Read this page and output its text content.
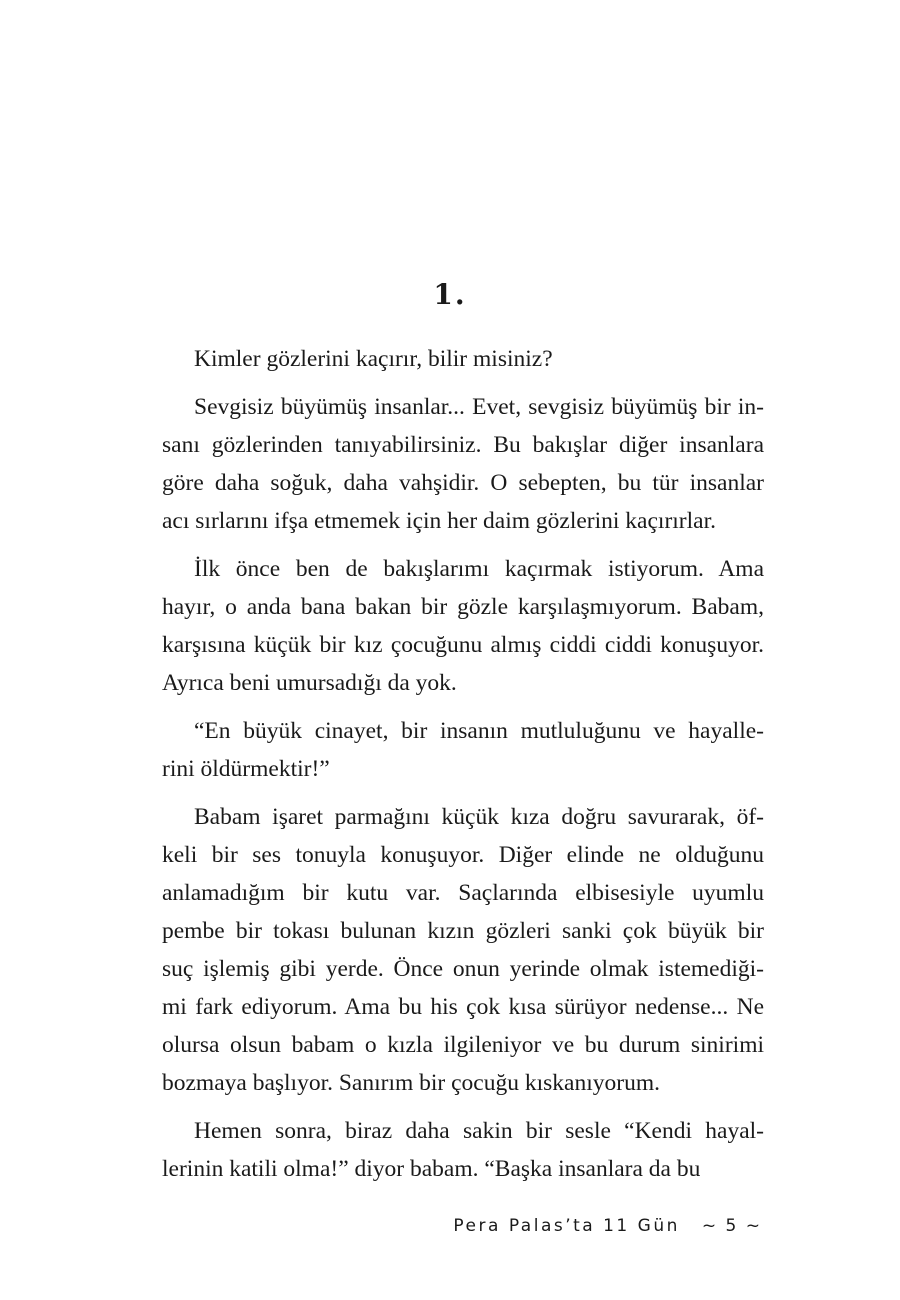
1.
Kimler gözlerini kaçırır, bilir misiniz?
Sevgisiz büyümüş insanlar... Evet, sevgisiz büyümüş bir in-
sanı gözlerinden tanıyabilirsiniz. Bu bakışlar diğer insanlara
göre daha soğuk, daha vahşidir. O sebepten, bu tür insanlar
acı sırlarını ifşa etmemek için her daim gözlerini kaçırırlar.
İlk önce ben de bakışlarımı kaçırmak istiyorum. Ama
hayır, o anda bana bakan bir gözle karşılaşmıyorum. Babam,
karşısına küçük bir kız çocuğunu almış ciddi ciddi konuşuyor.
Ayrıca beni umursadığı da yok.
“En büyük cinayet, bir insanın mutluluğunu ve hayalle-
rini öldürmektir!”
Babam işaret parmağını küçük kıza doğru savurarak, öf-
keli bir ses tonuyla konuşuyor. Diğer elinde ne olduğunu
anlamadığım bir kutu var. Saçlarında elbisesiyle uyumlu
pembe bir tokası bulunan kızın gözleri sanki çok büyük bir
suç işlemiş gibi yerde. Önce onun yerinde olmak istemediği-
mi fark ediyorum. Ama bu his çok kısa sürüyor nedense... Ne
olursa olsun babam o kızla ilgileniyor ve bu durum sinirimi
bozmaya başlıyor. Sanırım bir çocuğu kıskanıyorum.
Hemen sonra, biraz daha sakin bir sesle “Kendi hayal-
lerinin katili olma!” diyor babam. “Başka insanlara da bu
Pera Palas’ta 11 Gün ~ 5 ~
